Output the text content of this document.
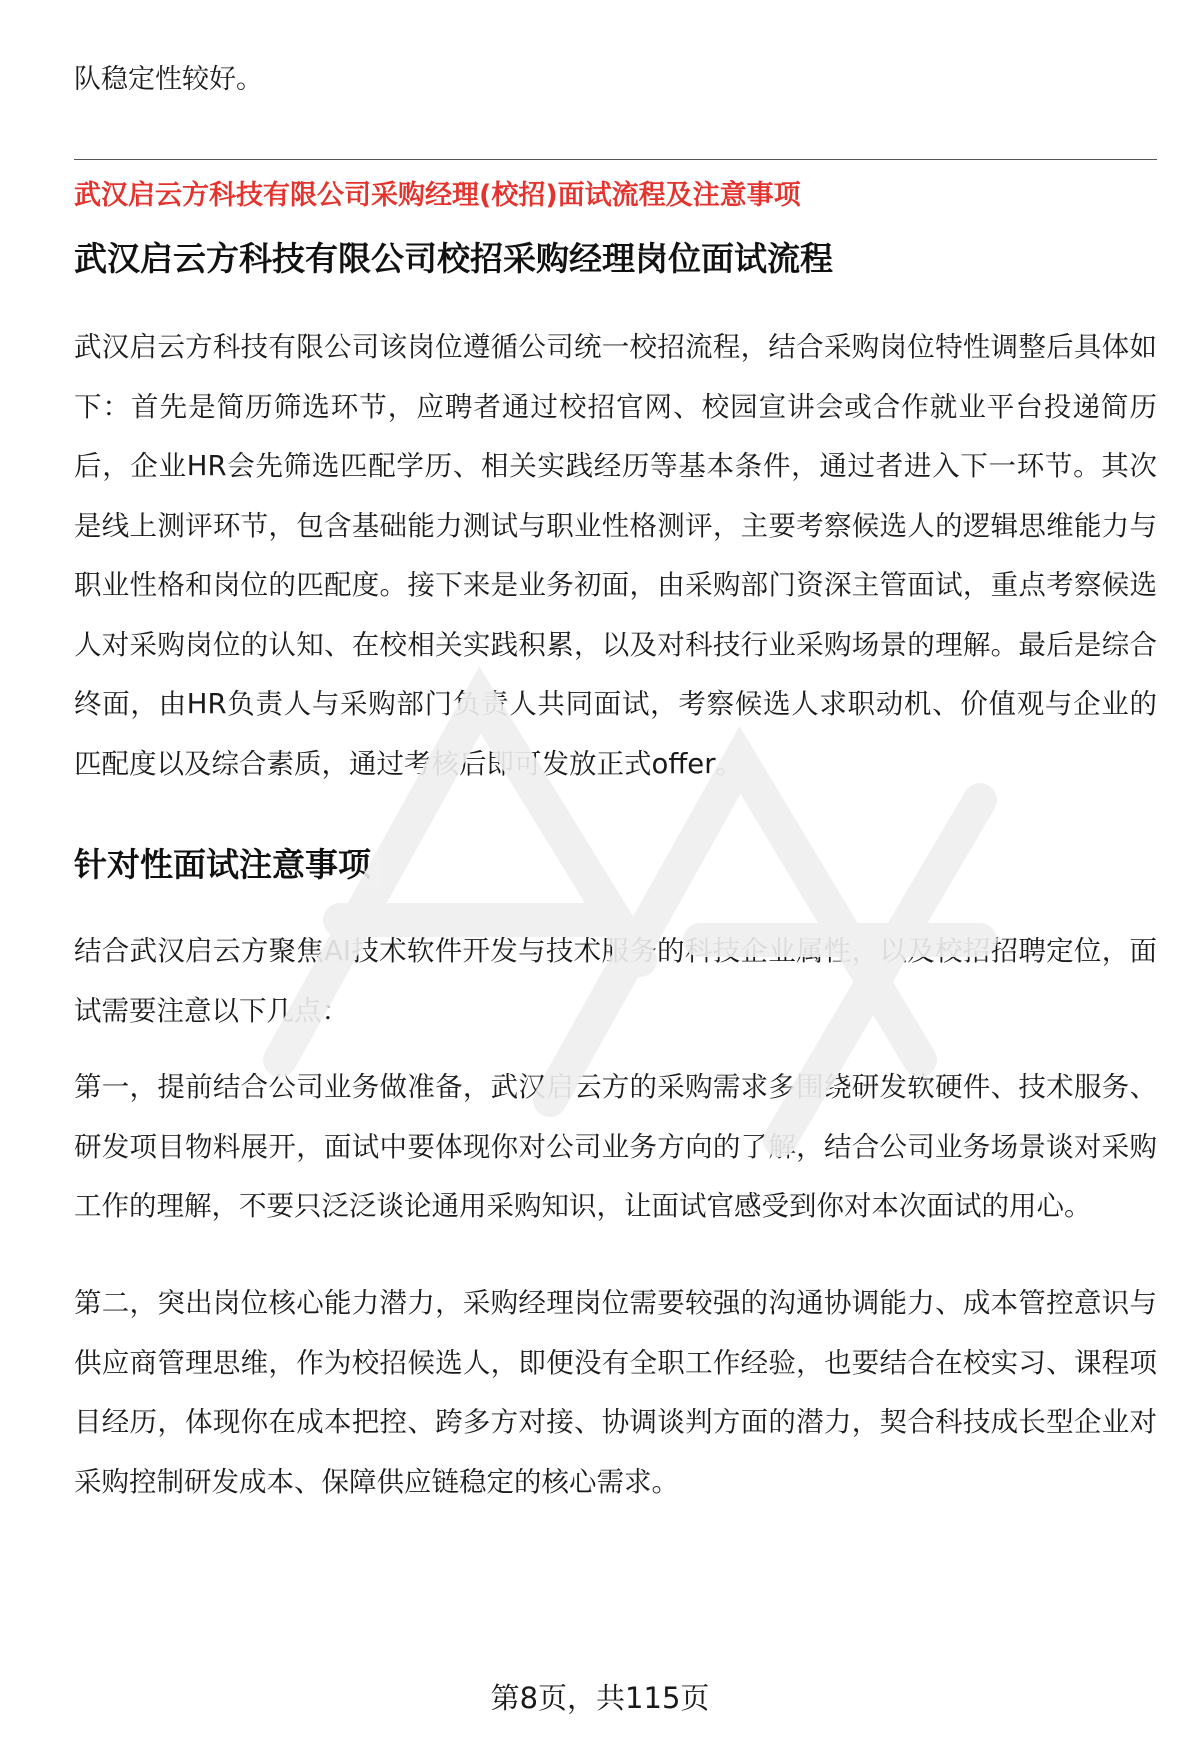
队稳定性较好。

武汉启云方科技有限公司采购经理(校招)面试流程及注意事项

武汉启云方科技有限公司校招采购经理岗位面试流程

武汉启云方科技有限公司该岗位遵循公司统一校招流程，结合采购岗位特性调整后具体如下：首先是简历筛选环节，应聘者通过校招官网、校园宣讲会或合作就业平台投递简历后，企业HR会先筛选匹配学历、相关实践经历等基本条件，通过者进入下一环节。其次是线上测评环节，包含基础能力测试与职业性格测评，主要考察候选人的逻辑思维能力与职业性格和岗位的匹配度。接下来是业务初面，由采购部门资深主管面试，重点考察候选人对采购岗位的认知、在校相关实践积累，以及对科技行业采购场景的理解。最后是综合终面，由HR负责人与采购部门负责人共同面试，考察候选人求职动机、价值观与企业的匹配度以及综合素质，通过考核后即可发放正式offer。

针对性面试注意事项

结合武汉启云方聚焦AI技术软件开发与技术服务的科技企业属性，以及校招招聘定位，面试需要注意以下几点：

第一，提前结合公司业务做准备，武汉启云方的采购需求多围绕研发软硬件、技术服务、研发项目物料展开，面试中要体现你对公司业务方向的了解，结合公司业务场景谈对采购工作的理解，不要只泛泛谈论通用采购知识，让面试官感受到你对本次面试的用心。

第二，突出岗位核心能力潜力，采购经理岗位需要较强的沟通协调能力、成本管控意识与供应商管理思维，作为校招候选人，即便没有全职工作经验，也要结合在校实习、课程项目经历，体现你在成本把控、跨多方对接、协调谈判方面的潜力，契合科技成长型企业对采购控制研发成本、保障供应链稳定的核心需求。

第8页，共115页
